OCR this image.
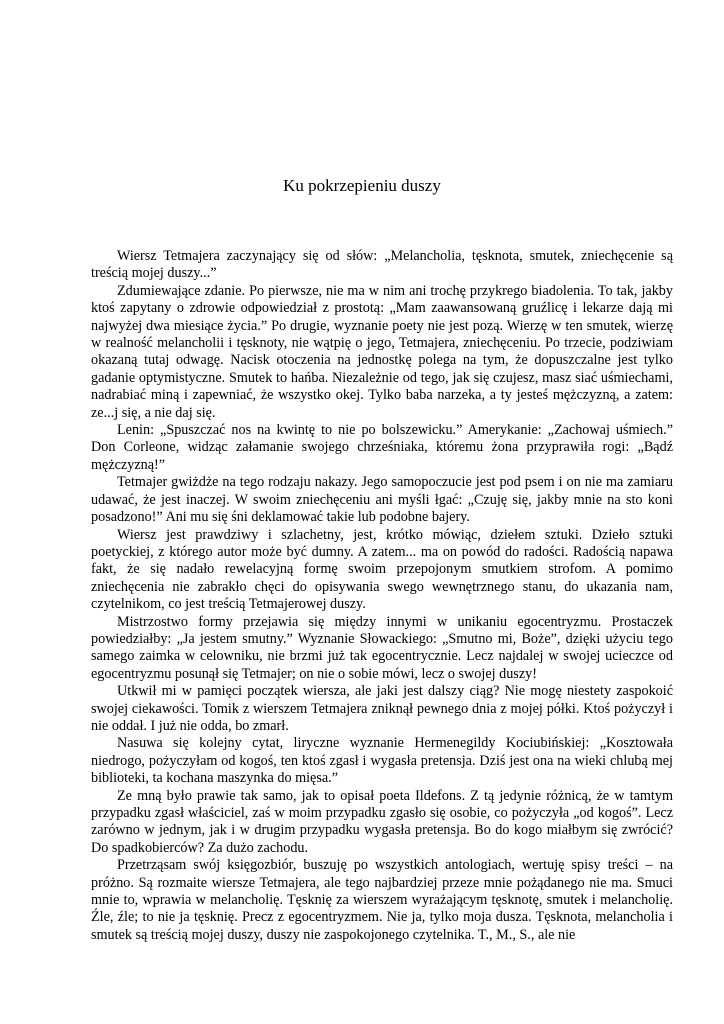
Ku pokrzepieniu duszy

Wiersz Tetmajera zaczynający się od słów: „Melancholia, tęsknota, smutek, zniechęcenie są treścią mojej duszy...”

Zdumiewające zdanie. Po pierwsze, nie ma w nim ani trochę przykrego biadolenia. To tak, jakby ktoś zapytany o zdrowie odpowiedział z prostotą: „Mam zaawansowaną gruźlicę i lekarze dają mi najwyżej dwa miesiące życia.” Po drugie, wyznanie poety nie jest pozą. Wierzę w ten smutek, wierzę w realność melancholii i tęsknoty, nie wątpię o jego, Tetmajera, zniechęceniu. Po trzecie, podziwiam okazaną tutaj odwagę. Nacisk otoczenia na jednostkę polega na tym, że dopuszczalne jest tylko gadanie optymistyczne. Smutek to hańba. Niezależnie od tego, jak się czujesz, masz siać uśmiechami, nadrabiać miną i zapewniać, że wszystko okej. Tylko baba narzeka, a ty jesteś mężczyzną, a zatem: ze...j się, a nie daj się.

Lenin: „Spuszczać nos na kwintę to nie po bolszewicku.” Amerykanie: „Zachowaj uśmiech.” Don Corleone, widząc załamanie swojego chrześniaka, któremu żona przyprawiła rogi: „Bądź mężczyzną!”

Tetmajer gwiżdże na tego rodzaju nakazy. Jego samopoczucie jest pod psem i on nie ma zamiaru udawać, że jest inaczej. W swoim zniechęceniu ani myśli łgać: „Czuję się, jakby mnie na sto koni posadzono!” Ani mu się śni deklamować takie lub podobne bajery.

Wiersz jest prawdziwy i szlachetny, jest, krótko mówiąc, dziełem sztuki. Dzieło sztuki poetyckiej, z którego autor może być dumny. A zatem... ma on powód do radości. Radością napawa fakt, że się nadało rewelacyjną formę swoim przepojonym smutkiem strofom. A pomimo zniechęcenia nie zabrakło chęci do opisywania swego wewnętrznego stanu, do ukazania nam, czytelnikom, co jest treścią Tetmajerowej duszy.

Mistrzostwo formy przejawia się między innymi w unikaniu egocentryzmu. Prostaczek powiedziałby: „Ja jestem smutny.” Wyznanie Słowackiego: „Smutno mi, Boże”, dzięki użyciu tego samego zaimka w celowniku, nie brzmi już tak egocentrycznie. Lecz najdalej w swojej ucieczce od egocentryzmu posunął się Tetmajer; on nie o sobie mówi, lecz o swojej duszy!

Utkwił mi w pamięci początek wiersza, ale jaki jest dalszy ciąg? Nie mogę niestety zaspokoić swojej ciekawości. Tomik z wierszem Tetmajera zniknął pewnego dnia z mojej półki. Ktoś pożyczył i nie oddał. I już nie odda, bo zmarł.

Nasuwa się kolejny cytat, liryczne wyznanie Hermenegildy Kociubińskiej: „Kosztowała niedrogo, pożyczyłam od kogoś, ten ktoś zgasł i wygasła pretensja. Dziś jest ona na wieki chlubą mej biblioteki, ta kochana maszynka do mięsa.”

Ze mną było prawie tak samo, jak to opisał poeta Ildefons. Z tą jedynie różnicą, że w tamtym przypadku zgasł właściciel, zaś w moim przypadku zgasło się osobie, co pożyczyła „od kogoś”. Lecz zarówno w jednym, jak i w drugim przypadku wygasła pretensja. Bo do kogo miałbym się zwrócić? Do spadkobierców? Za dużo zachodu.

Przetrząsam swój księgozbiór, buszuję po wszystkich antologiach, wertuję spisy treści – na próżno. Są rozmaite wiersze Tetmajera, ale tego najbardziej przeze mnie pożądanego nie ma. Smuci mnie to, wprawia w melancholię. Tęsknię za wierszem wyrażającym tęsknotę, smutek i melancholię. Źle, źle; to nie ja tęsknię. Precz z egocentryzmem. Nie ja, tylko moja dusza. Tęsknota, melancholia i smutek są treścią mojej duszy, duszy nie zaspokojonego czytelnika. T., M., S., ale nie
